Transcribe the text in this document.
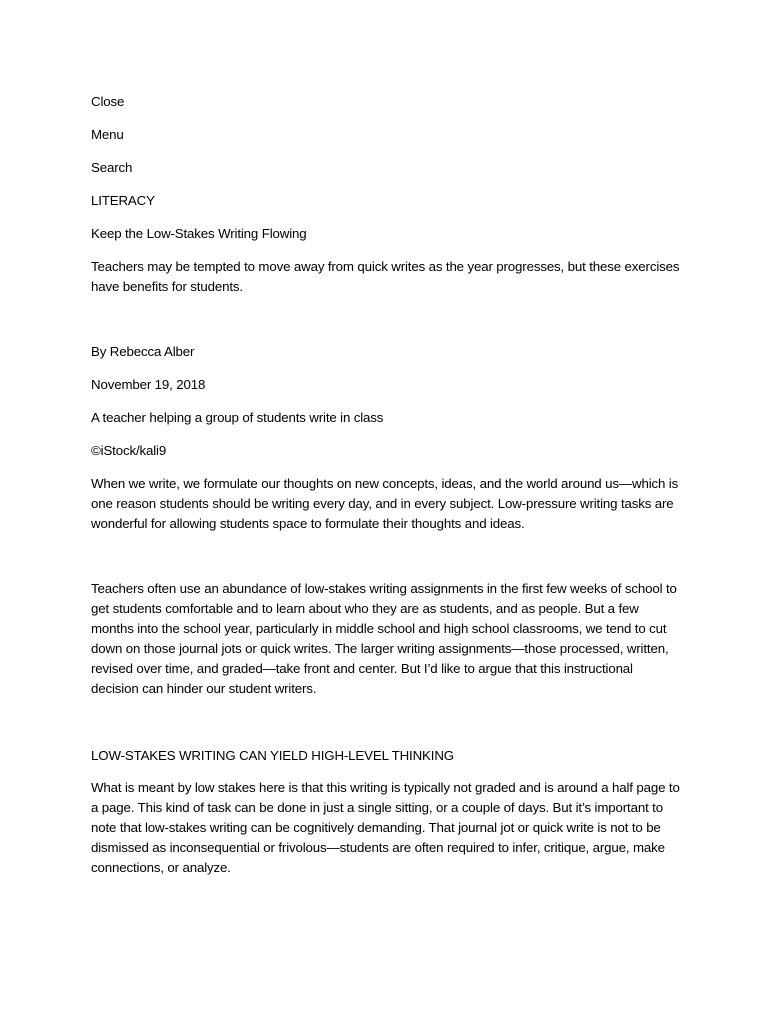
Close

Menu

Search

LITERACY

Keep the Low-Stakes Writing Flowing

Teachers may be tempted to move away from quick writes as the year progresses, but these exercises have benefits for students.

By Rebecca Alber

November 19, 2018

A teacher helping a group of students write in class

©iStock/kali9

When we write, we formulate our thoughts on new concepts, ideas, and the world around us—which is one reason students should be writing every day, and in every subject. Low-pressure writing tasks are wonderful for allowing students space to formulate their thoughts and ideas.

Teachers often use an abundance of low-stakes writing assignments in the first few weeks of school to get students comfortable and to learn about who they are as students, and as people. But a few months into the school year, particularly in middle school and high school classrooms, we tend to cut down on those journal jots or quick writes. The larger writing assignments—those processed, written, revised over time, and graded—take front and center. But I’d like to argue that this instructional decision can hinder our student writers.

LOW-STAKES WRITING CAN YIELD HIGH-LEVEL THINKING

What is meant by low stakes here is that this writing is typically not graded and is around a half page to a page. This kind of task can be done in just a single sitting, or a couple of days. But it’s important to note that low-stakes writing can be cognitively demanding. That journal jot or quick write is not to be dismissed as inconsequential or frivolous—students are often required to infer, critique, argue, make connections, or analyze.
